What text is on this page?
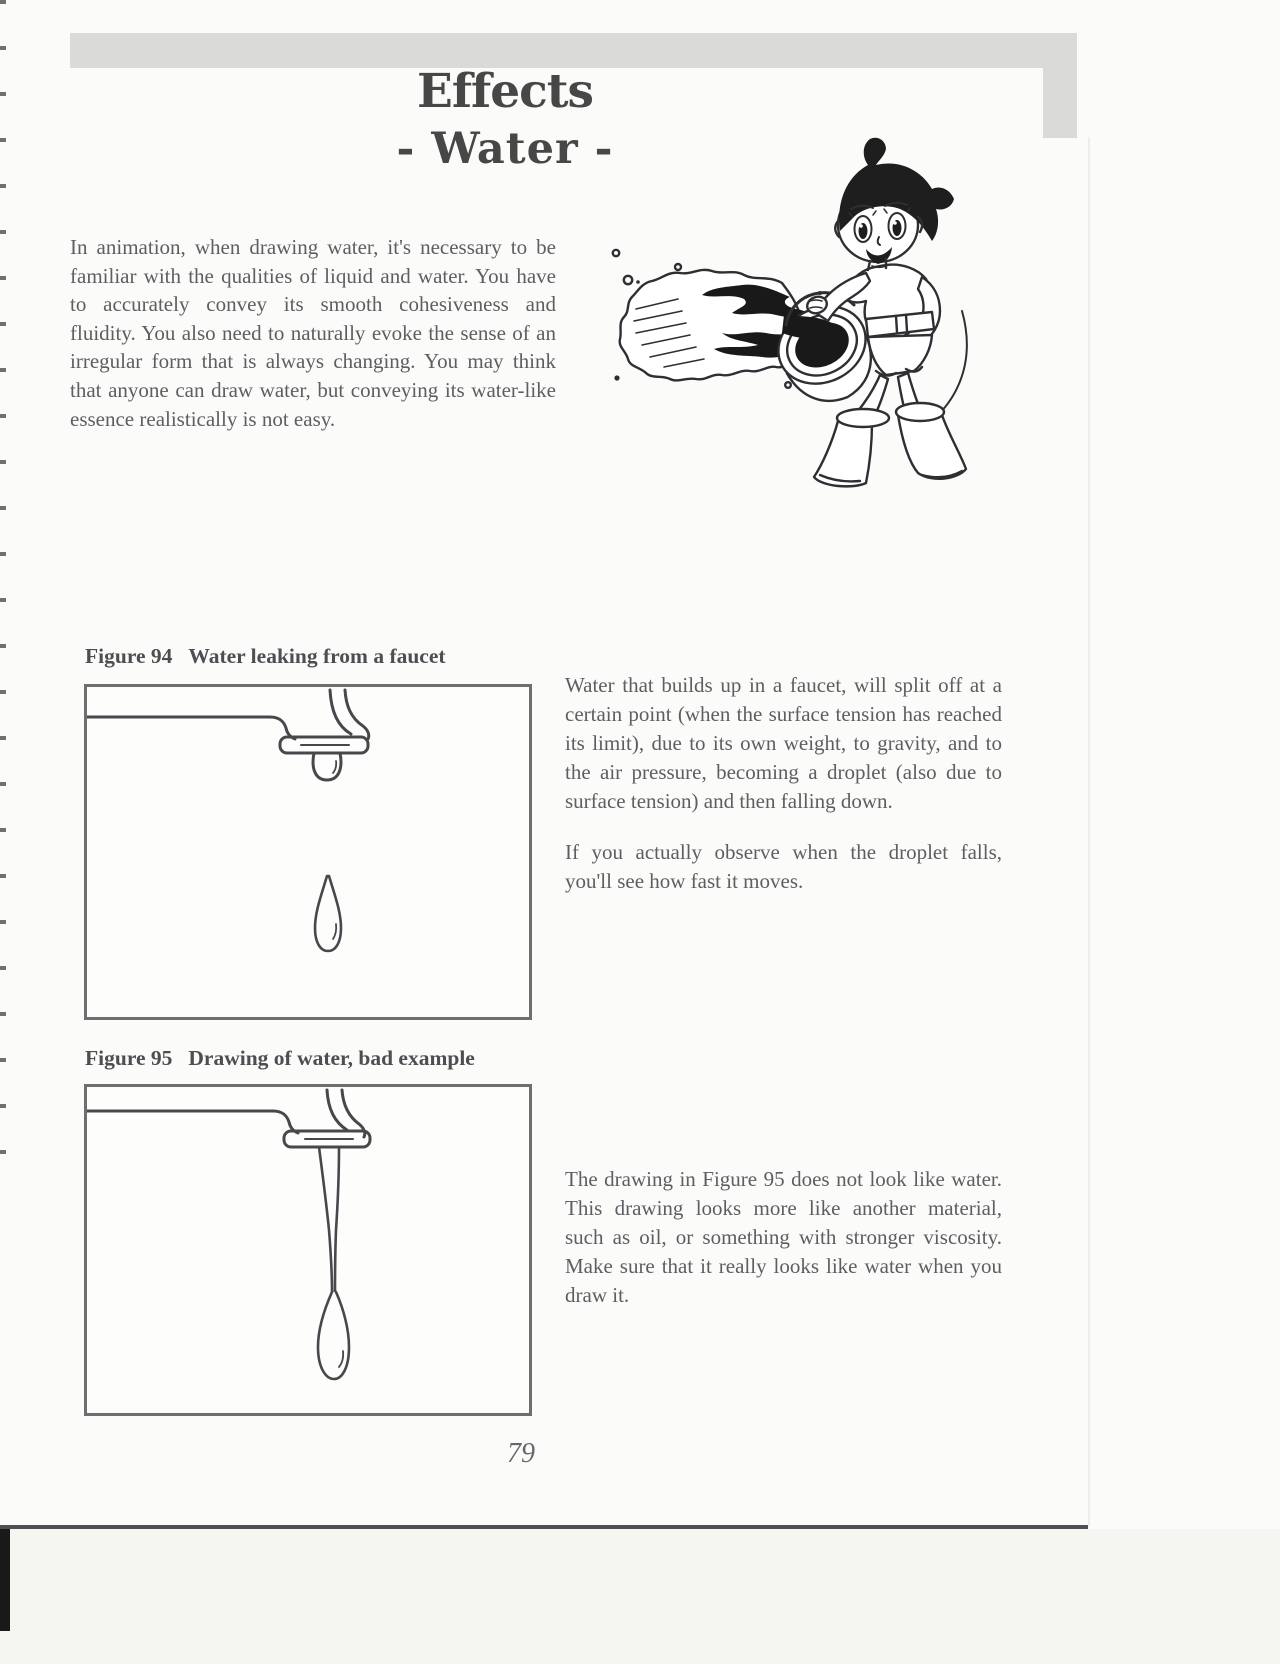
Effects
- Water -

In animation, when drawing water, it's necessary to be familiar with the qualities of liquid and water. You have to accurately convey its smooth cohesiveness and fluidity. You also need to naturally evoke the sense of an irregular form that is always changing. You may think that anyone can draw water, but conveying its water-like essence realistically is not easy.

Figure 94 Water leaking from a faucet

Water that builds up in a faucet, will split off at a certain point (when the surface tension has reached its limit), due to its own weight, to gravity, and to the air pressure, becoming a droplet (also due to surface tension) and then falling down.

If you actually observe when the droplet falls, you'll see how fast it moves.

Figure 95 Drawing of water, bad example

The drawing in Figure 95 does not look like water. This drawing looks more like another material, such as oil, or something with stronger viscosity. Make sure that it really looks like water when you draw it.

79
